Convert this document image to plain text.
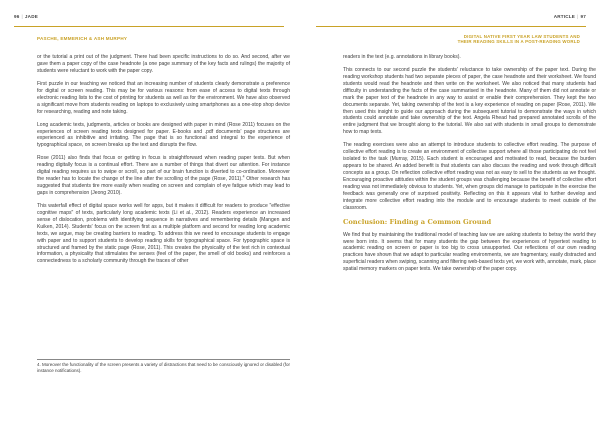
96 | JADE
PASCHE, EMMERICH & ASH MURPHY

or the tutorial a print out of the judgment. There had been specific instructions to do so. And second, after we gave them a paper copy of the case headnote (a one page summary of the key facts and rulings) the majority of students were reluctant to work with the paper copy.

First puzzle in our teaching we noticed that an increasing number of students clearly demonstrate a preference for digital or screen reading. This may be for various reasons: from ease of access to digital texts through electronic reading lists to the cost of printing for students as well as for the environment. We have also observed a significant move from students reading on laptops to exclusively using smartphones as a one-stop shop device for researching, reading and note taking.

Long academic texts, judgments, articles or books are designed with paper in mind (Rose 2011) focuses on the experiences of screen reading texts designed for paper. E-books and .pdf documents' page structures are experienced as inhibitive and irritating. The page that is so functional and integral to the experience of typographical space, on screen breaks up the text and disrupts the flow.

Rose (2011) also finds that focus or getting in focus is straightforward when reading paper texts. But when reading digitally focus is a continual effort. There are a number of things that divert our attention. For instance digital reading requires us to swipe or scroll, so part of our brain function is diverted to co-ordination. Moreover the reader has to locate the change of the line after the scrolling of the page (Rose, 2011).$^4$ Other research has suggested that students tire more easily when reading on screen and complain of eye fatigue which may lead to gaps in comprehension (Jeong 2010).

This waterfall effect of digital space works well for apps, but it makes it difficult for readers to produce "effective cognitive maps" of texts, particularly long academic texts (Li et al., 2012). Readers experience an increased sense of dislocation, problems with identifying sequence in narratives and remembering details (Mangen and Kuiken, 2014). Students' focus on the screen first as a multiple platform and second for reading long academic texts, we argue, may be creating barriers to reading. To address this we need to encourage students to engage with paper and to support students to develop reading skills for typographical space. For typographic space is structured and framed by the static page (Rose, 2011). This creates the physicality of the text rich in contextual information, a physicality that stimulates the senses (feel of the paper, the smell of old books) and reinforces a connectedness to a scholarly community through the traces of other

4. Moreover the functionality of the screen presents a variety of distractions that need to be consciously ignored or disabled (for instance notifications).
ARTICLE | 97
DIGITAL NATIVE FIRST YEAR LAW STUDENTS AND
THEIR READING SKILLS IN A POST-READING WORLD

readers in the text (e.g. annotations in library books).

This connects to our second puzzle the students' reluctance to take ownership of the paper text. During the reading workshop students had two separate pieces of paper, the case headnote and their worksheet. We found students would read the headnote and then write on the worksheet. We also noticed that many students had difficulty in understanding the facts of the case summarised in the headnote. Many of them did not annotate or mark the paper text of the headnote in any way to assist or enable their comprehension. They kept the two documents separate. Yet, taking ownership of the text is a key experience of reading on paper (Rose, 2011). We then used this insight to guide our approach during the subsequent tutorial to demonstrate the ways in which students could annotate and take ownership of the text. Angela Rhead had prepared annotated scrolls of the entire judgment that we brought along to the tutorial. We also sat with students in small groups to demonstrate how to map texts.

The reading exercises were also an attempt to introduce students to collective effort reading. The purpose of collective effort reading is to create an environment of collective support where all those participating do not feel isolated to the task (Murray, 2015). Each student is encouraged and motivated to read, because the burden appears to be shared. An added benefit is that students can also discuss the reading and work through difficult concepts as a group. On reflection collective effort reading was not as easy to sell to the students as we thought. Encouraging proactive attitudes within the student groups was challenging because the benefit of collective effort reading was not immediately obvious to students. Yet, when groups did manage to participate in the exercise the feedback was generally one of surprised positivity. Reflecting on this it appears vital to further develop and integrate more collective effort reading into the module and to encourage students to meet outside of the classroom.

Conclusion: Finding a Common Ground

We find that by maintaining the traditional model of teaching law we are asking students to betray the world they were born into. It seems that for many students the gap between the experiences of hypertext reading to academic reading on screen or paper is too big to cross unsupported. Our reflections of our own reading practices have shown that we adapt to particular reading environments, we are fragmentary, easily distracted and superficial readers when swiping, scanning and filtering web-based texts yet, we work with, annotate, mark, place spatial memory markers on paper texts. We take ownership of the paper copy.
